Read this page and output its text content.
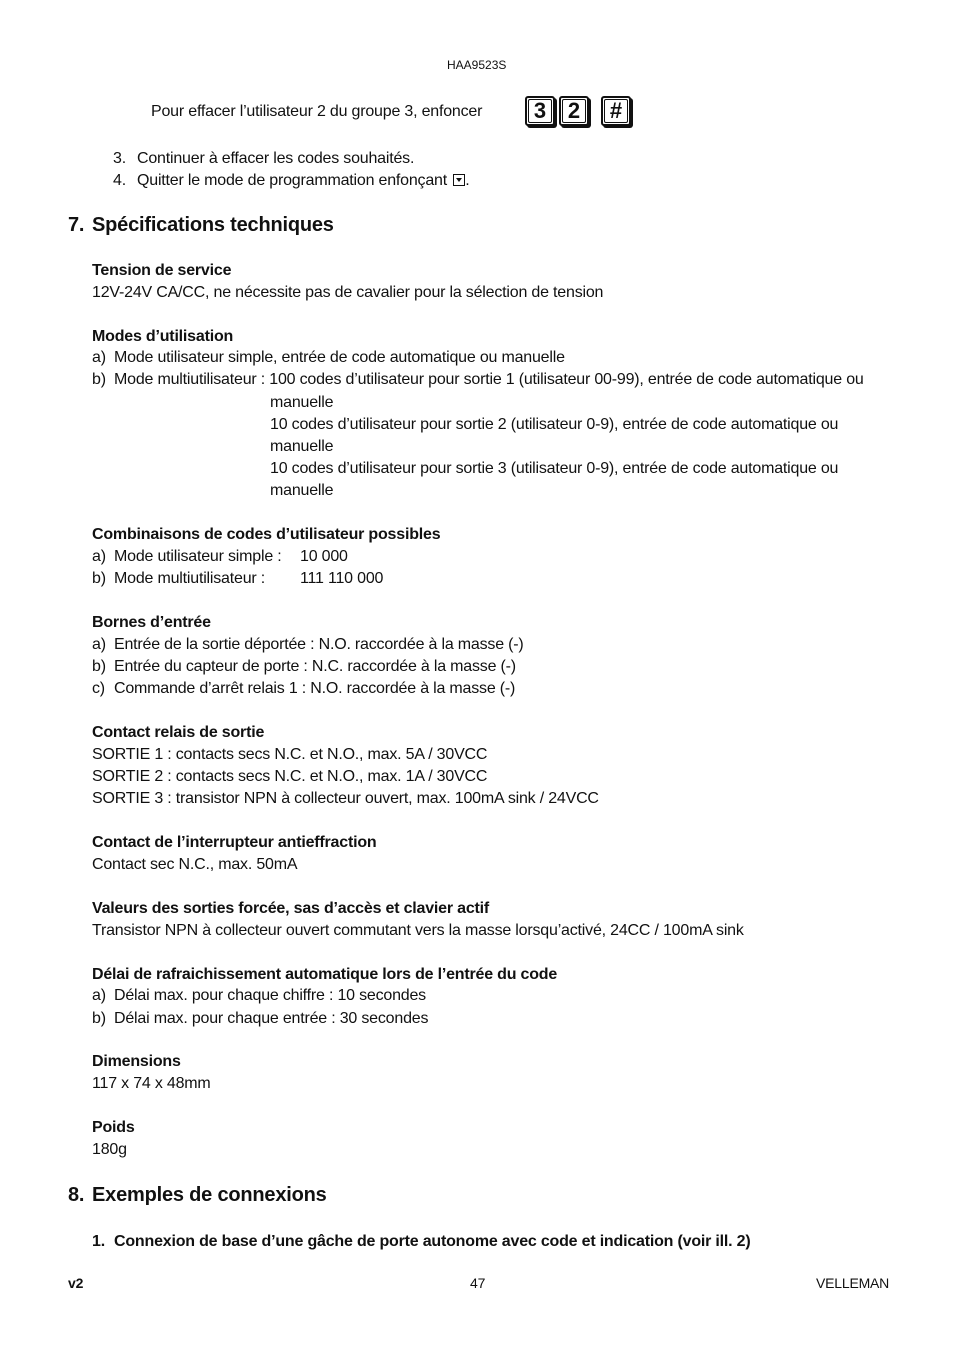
HAA9523S
Pour effacer l’utilisateur 2 du groupe 3, enfoncer 3 2 #
3. Continuer à effacer les codes souhaités.
4. Quitter le mode de programmation enfonçant .
7. Spécifications techniques
Tension de service
12V-24V CA/CC, ne nécessite pas de cavalier pour la sélection de tension
Modes d’utilisation
a) Mode utilisateur simple, entrée de code automatique ou manuelle
b) Mode multiutilisateur : 100 codes d’utilisateur pour sortie 1 (utilisateur 00-99), entrée de code automatique ou
manuelle
10 codes d’utilisateur pour sortie 2 (utilisateur 0-9), entrée de code automatique ou
manuelle
10 codes d’utilisateur pour sortie 3 (utilisateur 0-9), entrée de code automatique ou
manuelle
Combinaisons de codes d’utilisateur possibles
a) Mode utilisateur simple : 10 000
b) Mode multiutilisateur : 111 110 000
Bornes d’entrée
a) Entrée de la sortie déportée : N.O. raccordée à la masse (-)
b) Entrée du capteur de porte : N.C. raccordée à la masse (-)
c) Commande d’arrêt relais 1 : N.O. raccordée à la masse (-)
Contact relais de sortie
SORTIE 1 : contacts secs N.C. et N.O., max. 5A / 30VCC
SORTIE 2 : contacts secs N.C. et N.O., max. 1A / 30VCC
SORTIE 3 : transistor NPN à collecteur ouvert, max. 100mA sink / 24VCC
Contact de l’interrupteur antieffraction
Contact sec N.C., max. 50mA
Valeurs des sorties forcée, sas d’accès et clavier actif
Transistor NPN à collecteur ouvert commutant vers la masse lorsqu’activé, 24CC / 100mA sink
Délai de rafraichissement automatique lors de l’entrée du code
a) Délai max. pour chaque chiffre : 10 secondes
b) Délai max. pour chaque entrée : 30 secondes
Dimensions
117 x 74 x 48mm
Poids
180g
8. Exemples de connexions
1. Connexion de base d’une gâche de porte autonome avec code et indication (voir ill. 2)
v2	47	VELLEMAN
